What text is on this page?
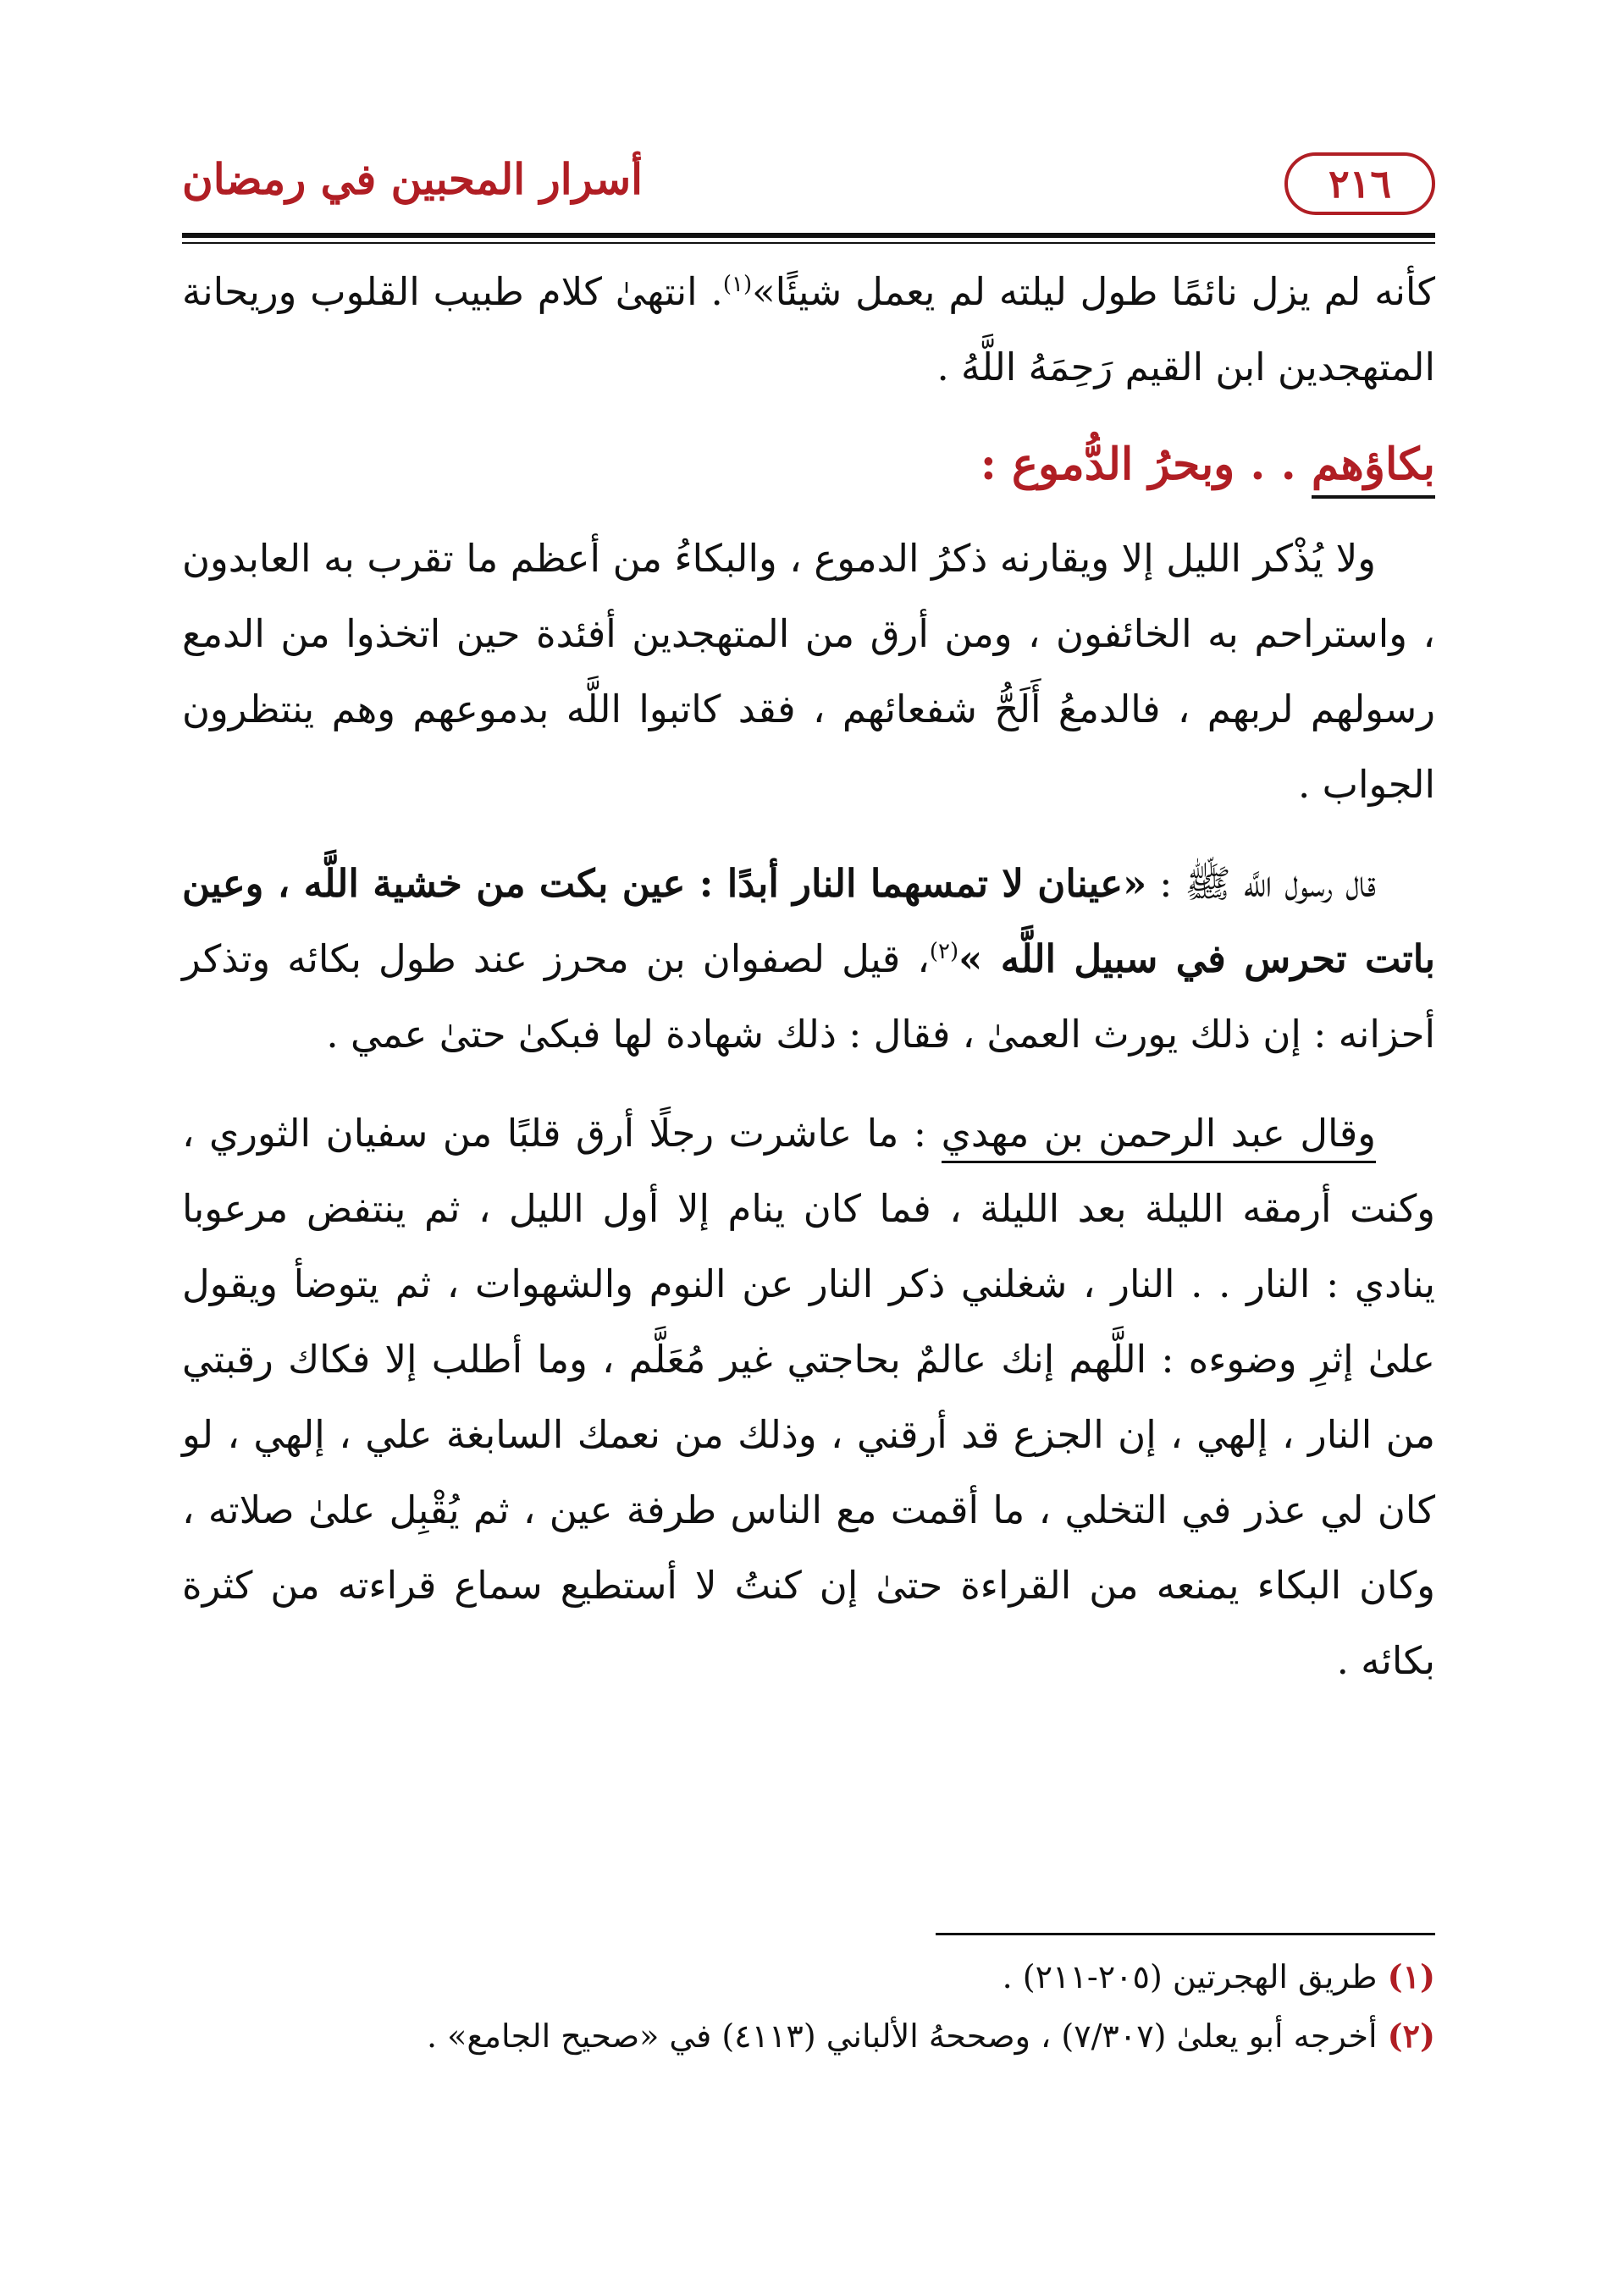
٢١٦
أسرار المحبين في رمضان

كأنه لم يزل نائمًا طول ليلته لم يعمل شيئًا»$^{(١)}$. انتهىٰ كلام طبيب القلوب وريحانة المتهجدين ابن القيم رَحِمَهُ اللَّهُ .

بكاؤهم . . وبحرُ الدُّموع :

ولا يُذْكر الليل إلا ويقارنه ذكرُ الدموع ، والبكاءُ من أعظم ما تقرب به العابدون ، واستراحم به الخائفون ، ومن أرق من المتهجدين أفئدة حين اتخذوا من الدمع رسولهم لربهم ، فالدمعُ أَلَحُّ شفعائهم ، فقد كاتبوا اللَّه بدموعهم وهم ينتظرون الجواب .

قال رسول اللَّه ﷺ : «عينان لا تمسهما النار أبدًا : عين بكت من خشية اللَّه ، وعين باتت تحرس في سبيل اللَّه »$^{(٢)}$، قيل لصفوان بن محرز عند طول بكائه وتذكر أحزانه : إن ذلك يورث العمىٰ ، فقال : ذلك شهادة لها فبكىٰ حتىٰ عمي .

وقال عبد الرحمن بن مهدي : ما عاشرت رجلًا أرق قلبًا من سفيان الثوري ، وكنت أرمقه الليلة بعد الليلة ، فما كان ينام إلا أول الليل ، ثم ينتفض مرعوبا ينادي : النار . . النار ، شغلني ذكر النار عن النوم والشهوات ، ثم يتوضأ ويقول علىٰ إثرِ وضوءه : اللَّهم إنك عالمٌ بحاجتي غير مُعَلَّم ، وما أطلب إلا فكاك رقبتي من النار ، إلهي ، إن الجزع قد أرقني ، وذلك من نعمك السابغة علي ، إلهي ، لو كان لي عذر في التخلي ، ما أقمت مع الناس طرفة عين ، ثم يُقْبِل علىٰ صلاته ، وكان البكاء يمنعه من القراءة حتىٰ إن كنتُ لا أستطيع سماع قراءته من كثرة بكائه .

(١) طريق الهجرتين (٢٠٥-٢١١) .

(٢) أخرجه أبو يعلىٰ (٧/٣٠٧) ، وصححهُ الألباني (٤١١٣) في «صحيح الجامع» .
